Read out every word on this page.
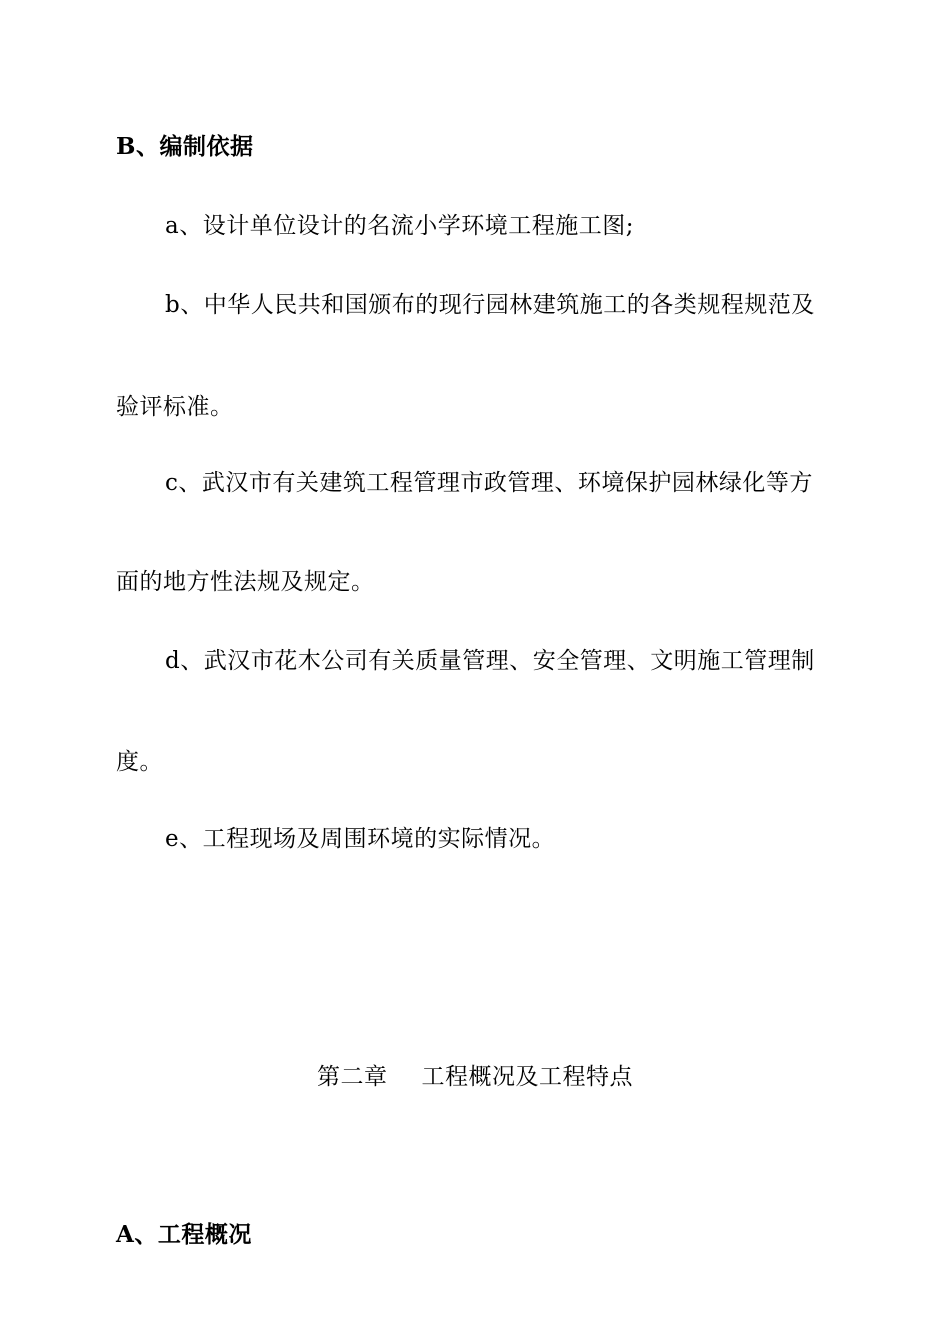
B、编制依据
a、设计单位设计的名流小学环境工程施工图;
b、中华人民共和国颁布的现行园林建筑施工的各类规程规范及
验评标准。
c、武汉市有关建筑工程管理市政管理、环境保护园林绿化等方
面的地方性法规及规定。
d、武汉市花木公司有关质量管理、安全管理、文明施工管理制
度。
e、工程现场及周围环境的实际情况。
第二章 工程概况及工程特点
A、工程概况
